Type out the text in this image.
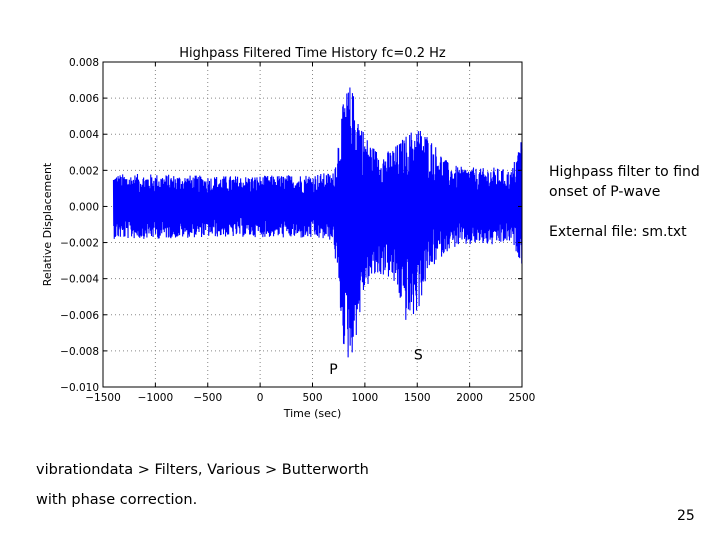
Highpass Filtered Time History fc=0.2 Hz
0.008
0.006
0.004
0.002
0.000
−0.002
−0.004
−0.006
−0.008
−0.010
−1500 −1000 −500	0	500	1000 1500 2000 2500
Time (sec)
Relative Displacement
P
S
Highpass filter to find
onset of P-wave
External file: sm.txt
vibrationdata > Filters, Various > Butterworth
with phase correction.
25
